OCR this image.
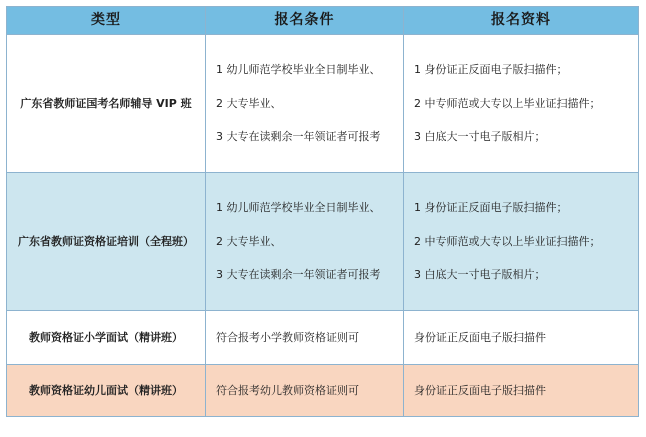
类型	报名条件	报名资料
广东省教师证国考名师辅导 VIP 班	1 幼儿师范学校毕业全日制毕业、
2 大专毕业、
3 大专在读剩余一年领证者可报考	1 身份证正反面电子版扫描件；
2 中专师范或大专以上毕业证扫描件；
3 白底大一寸电子版相片；

广东省教师证资格证培训（全程班）	1 幼儿师范学校毕业全日制毕业、
2 大专毕业、
3 大专在读剩余一年领证者可报考	1 身份证正反面电子版扫描件；
2 中专师范或大专以上毕业证扫描件；
3 白底大一寸电子版相片；

教师资格证小学面试（精讲班）	符合报考小学教师资格证则可	身份证正反面电子版扫描件
教师资格证幼儿面试（精讲班）	符合报考幼儿教师资格证则可	身份证正反面电子版扫描件
